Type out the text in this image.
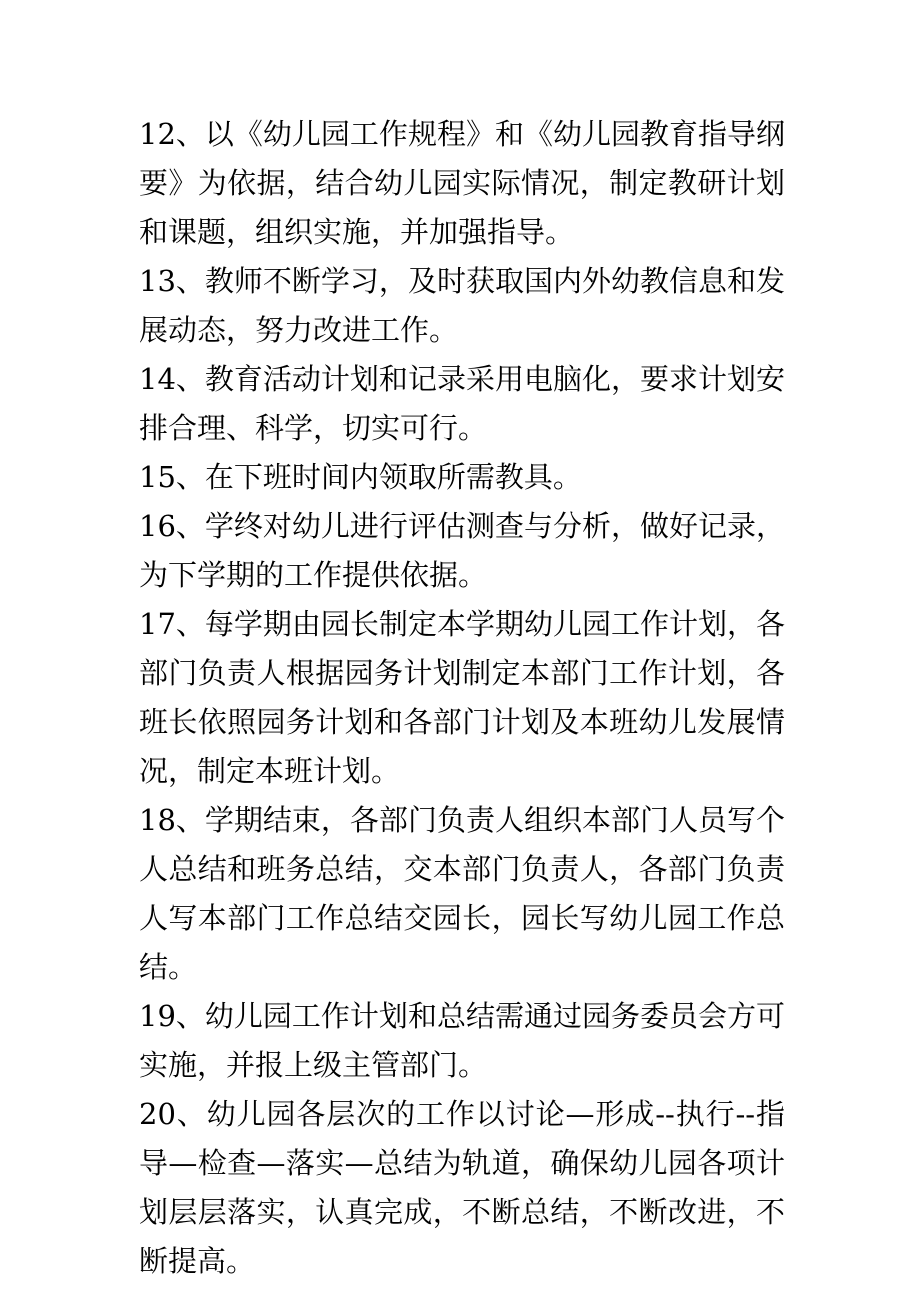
12、以《幼儿园工作规程》和《幼儿园教育指导纲要》为依据，结合幼儿园实际情况，制定教研计划和课题，组织实施，并加强指导。

13、教师不断学习，及时获取国内外幼教信息和发展动态，努力改进工作。

14、教育活动计划和记录采用电脑化，要求计划安排合理、科学，切实可行。

15、在下班时间内领取所需教具。

16、学终对幼儿进行评估测查与分析，做好记录，为下学期的工作提供依据。

17、每学期由园长制定本学期幼儿园工作计划，各部门负责人根据园务计划制定本部门工作计划，各班长依照园务计划和各部门计划及本班幼儿发展情况，制定本班计划。

18、学期结束，各部门负责人组织本部门人员写个人总结和班务总结，交本部门负责人，各部门负责人写本部门工作总结交园长，园长写幼儿园工作总结。

19、幼儿园工作计划和总结需通过园务委员会方可实施，并报上级主管部门。

20、幼儿园各层次的工作以讨论—形成--执行--指导—检查—落实—总结为轨道，确保幼儿园各项计划层层落实，认真完成，不断总结，不断改进，不断提高。
